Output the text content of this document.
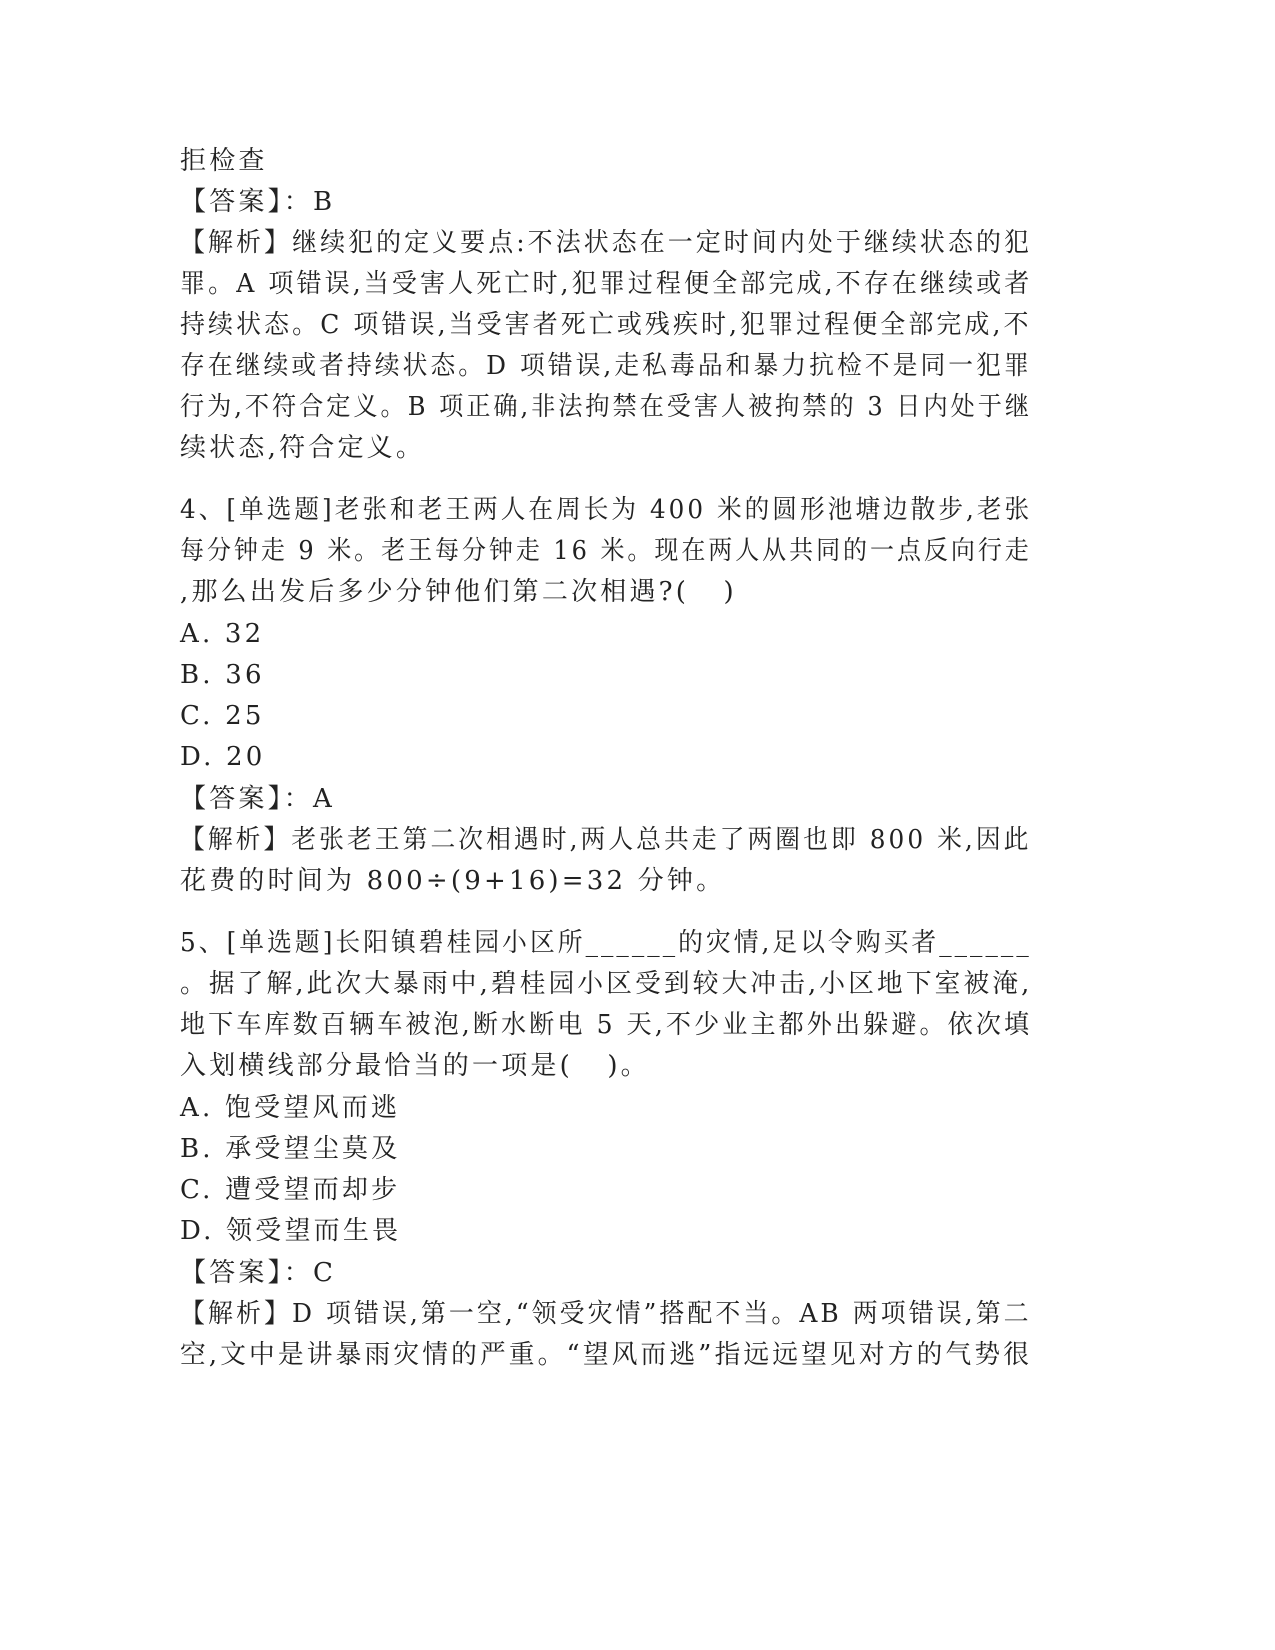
拒检查

【答案】：B

【解析】继续犯的定义要点:不法状态在一定时间内处于继续状态的犯

罪。A 项错误,当受害人死亡时,犯罪过程便全部完成,不存在继续或者

持续状态。C 项错误,当受害者死亡或残疾时,犯罪过程便全部完成,不

存在继续或者持续状态。D 项错误,走私毒品和暴力抗检不是同一犯罪

行为,不符合定义。B 项正确,非法拘禁在受害人被拘禁的 3 日内处于继

续状态,符合定义。

4、[单选题]老张和老王两人在周长为 400 米的圆形池塘边散步,老张

每分钟走 9 米。老王每分钟走 16 米。现在两人从共同的一点反向行走

,那么出发后多少分钟他们第二次相遇?(   )

A. 32

B. 36

C. 25

D. 20

【答案】：A

【解析】老张老王第二次相遇时,两人总共走了两圈也即 800 米,因此

花费的时间为 800÷(9+16)=32 分钟。

5、[单选题]长阳镇碧桂园小区所______的灾情,足以令购买者______

。据了解,此次大暴雨中,碧桂园小区受到较大冲击,小区地下室被淹,

地下车库数百辆车被泡,断水断电 5 天,不少业主都外出躲避。依次填

入划横线部分最恰当的一项是(   )。

A. 饱受望风而逃

B. 承受望尘莫及

C. 遭受望而却步

D. 领受望而生畏

【答案】：C

【解析】D 项错误,第一空,“领受灾情”搭配不当。AB 两项错误,第二

空,文中是讲暴雨灾情的严重。“望风而逃”指远远望见对方的气势很
